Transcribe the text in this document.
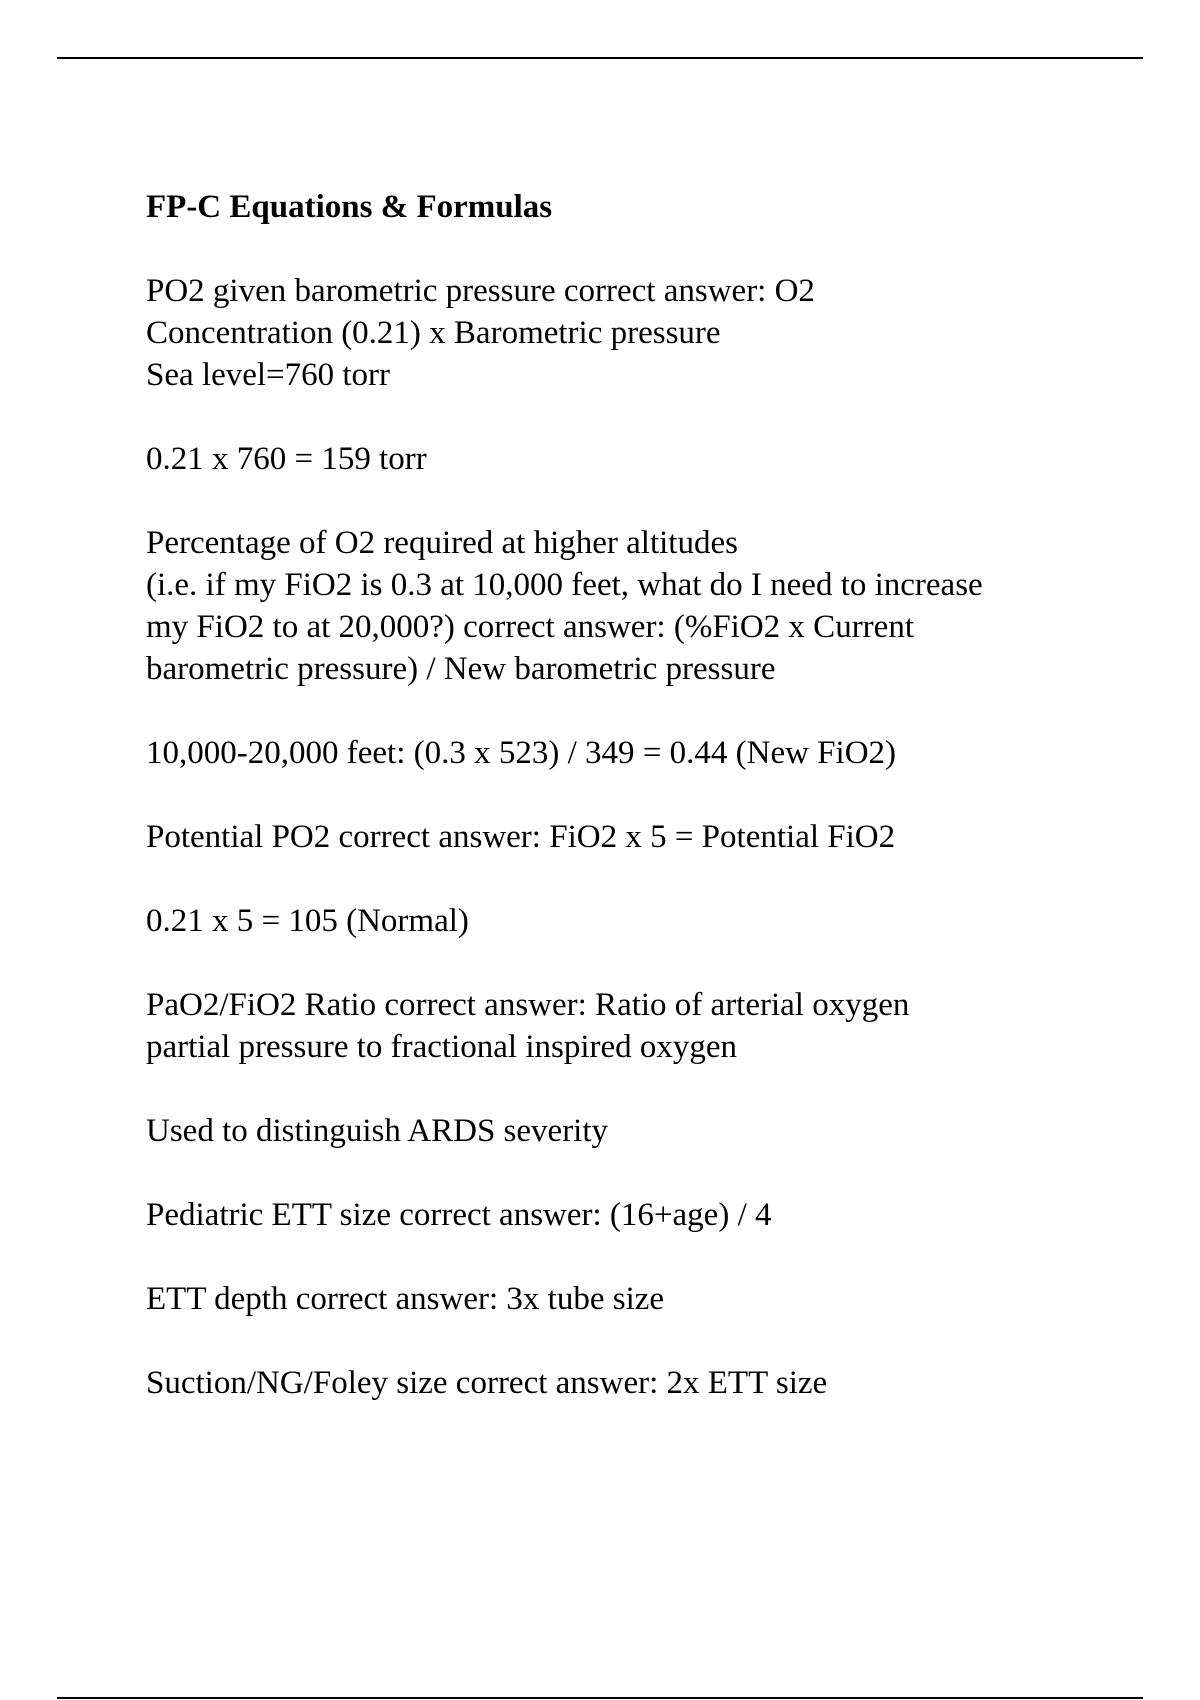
FP-C Equations & Formulas
PO2 given barometric pressure correct answer: O2
Concentration (0.21) x Barometric pressure
Sea level=760 torr
0.21 x 760 = 159 torr
Percentage of O2 required at higher altitudes
(i.e. if my FiO2 is 0.3 at 10,000 feet, what do I need to increase
my FiO2 to at 20,000?) correct answer: (%FiO2 x Current
barometric pressure) / New barometric pressure
10,000-20,000 feet: (0.3 x 523) / 349 = 0.44 (New FiO2)
Potential PO2 correct answer: FiO2 x 5 = Potential FiO2
0.21 x 5 = 105 (Normal)
PaO2/FiO2 Ratio correct answer: Ratio of arterial oxygen
partial pressure to fractional inspired oxygen
Used to distinguish ARDS severity
Pediatric ETT size correct answer: (16+age) / 4
ETT depth correct answer: 3x tube size
Suction/NG/Foley size correct answer: 2x ETT size
